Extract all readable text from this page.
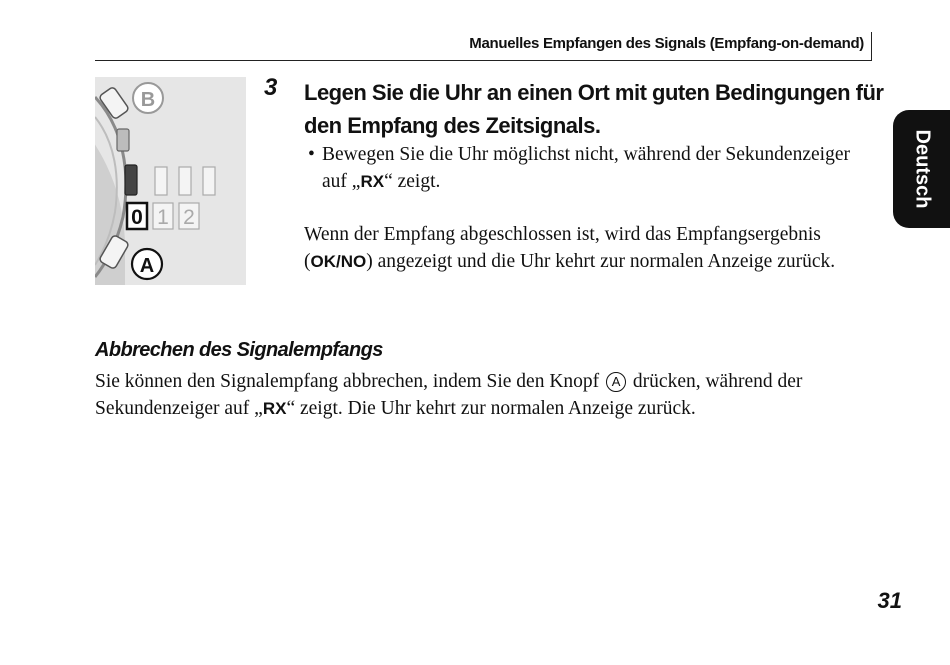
Manuelles Empfangen des Signals (Empfang-on-demand)
Deutsch
0 1 2
B
A
3 Legen Sie die Uhr an einen Ort mit guten Bedingungen für den Empfang des Zeitsignals.
• Bewegen Sie die Uhr möglichst nicht, während der Sekundenzeiger auf „RX“ zeigt.
Wenn der Empfang abgeschlossen ist, wird das Empfangsergebnis (OK/NO) angezeigt und die Uhr kehrt zur normalen Anzeige zurück.
Abbrechen des Signalempfangs
Sie können den Signalempfang abbrechen, indem Sie den Knopf A drücken, während der Sekundenzeiger auf „RX“ zeigt. Die Uhr kehrt zur normalen Anzeige zurück.
31
